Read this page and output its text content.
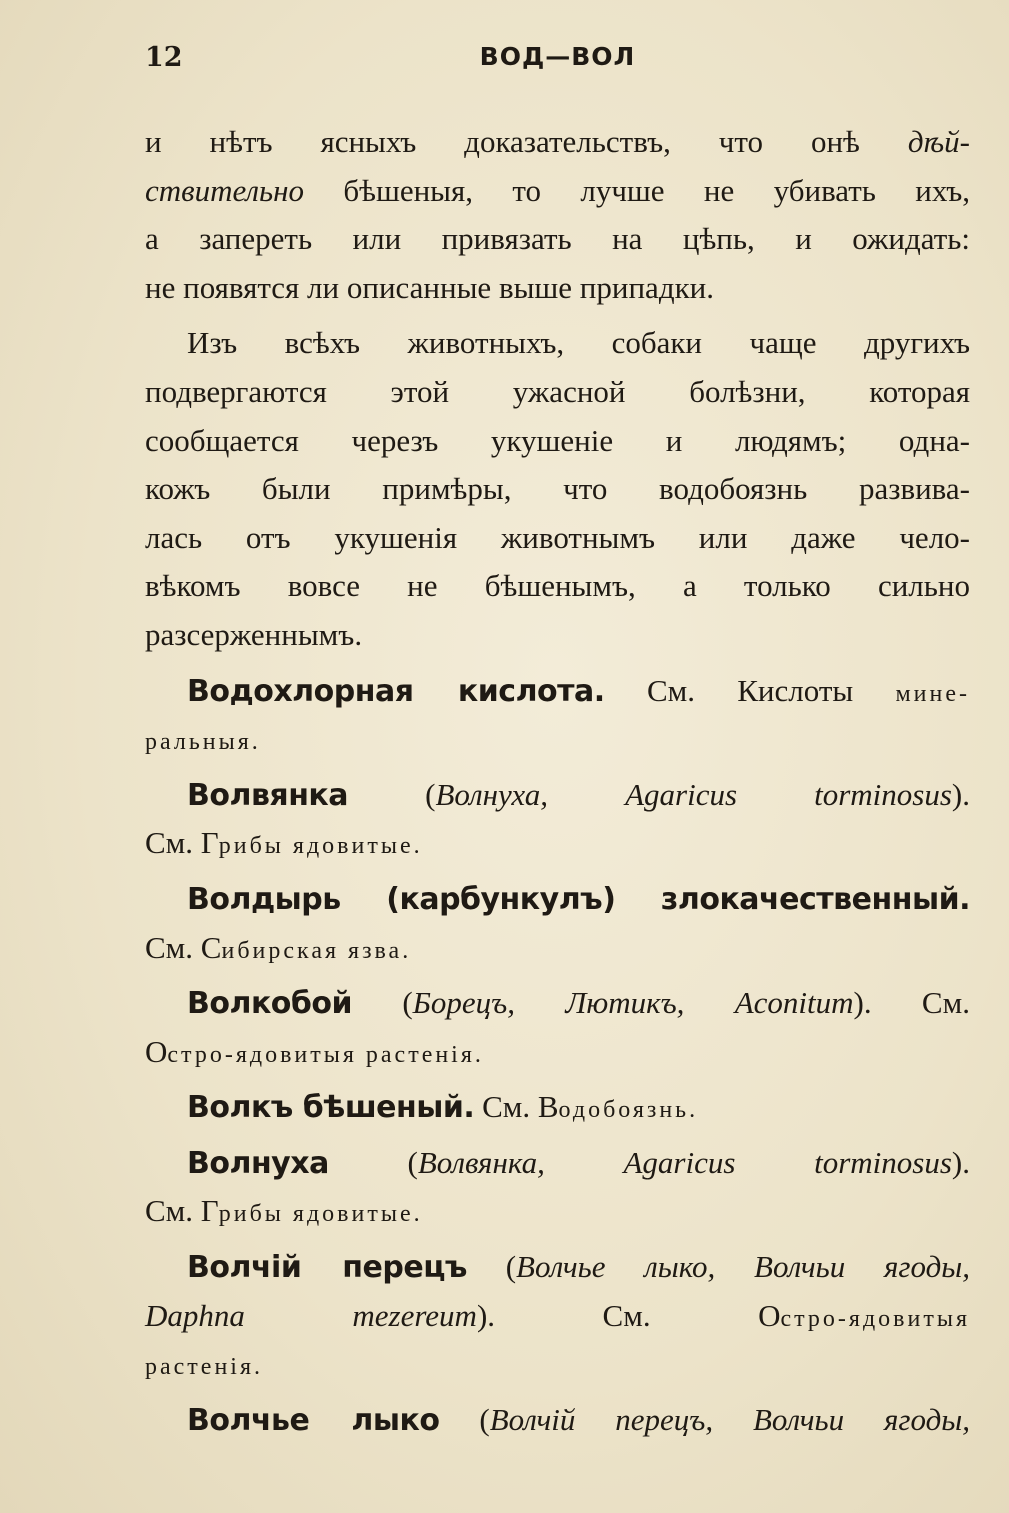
12	ВОД—ВОЛ
и нѣтъ ясныхъ доказательствъ, что онѣ дѣй-
ствительно бѣшеныя, то лучше не убивать ихъ,
а запереть или привязать на цѣпь, и ожидать:
не появятся ли описанные выше припадки.
Изъ всѣхъ животныхъ, собаки чаще другихъ
подвергаются этой ужасной болѣзни, которая
сообщается черезъ укушеніе и людямъ; одна-
кожъ были примѣры, что водобоязнь развива-
лась отъ укушенія животнымъ или даже чело-
вѣкомъ вовсе не бѣшенымъ, а только сильно
разсерженнымъ.
Водохлорная кислота. См. Кислоты мине-
ральныя.
Волвянка (Волнуха, Agaricus torminosus).
См. Грибы ядовитые.
Волдырь (карбункулъ) злокачественный.
См. Сибирская язва.
Волкобой (Борецъ, Лютикъ, Aconitum). См.
Остро-ядовитыя растенія.
Волкъ бѣшеный. См. Водобоязнь.
Волнуха (Волвянка, Agaricus torminosus).
См. Грибы ядовитые.
Волчій перецъ (Волчье лыко, Волчьи ягоды,
Daphna mezereum). См. Остро-ядовитыя
растенія.
Волчье лыко (Волчій перецъ, Волчьи ягоды,
